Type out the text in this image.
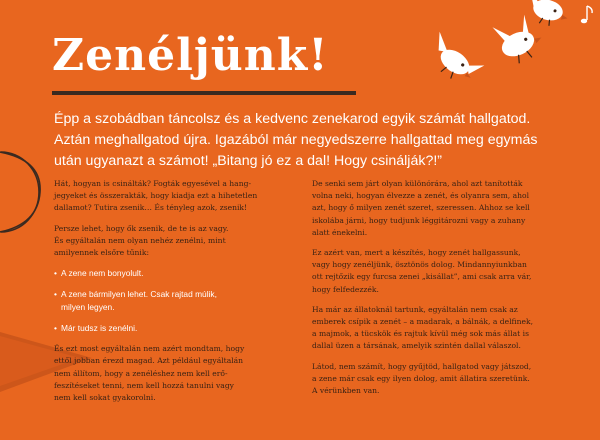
Zenéljünk!

Épp a szobádban táncolsz és a kedvenc zenekarod egyik számát hallgatod.
Aztán meghallgatod újra. Igazából már negyedszerre hallgattad meg egymás
után ugyanazt a számot! „Bitang jó ez a dal! Hogy csinálják?!”

Hát, hogyan is csinálták? Fogták egyesével a hang-
jegyeket és összerakták, hogy kiadja ezt a hihetetlen
dallamot? Tutira zsenik… És tényleg azok, zsenik!

Persze lehet, hogy ők zsenik, de te is az vagy.
És egyáltalán nem olyan nehéz zenélni, mint
amilyennek elsőre tűnik:

• A zene nem bonyolult.
• A zene bármilyen lehet. Csak rajtad múlik,
milyen legyen.
• Már tudsz is zenélni.

És ezt most egyáltalán nem azért mondtam, hogy
ettől jobban érezd magad. Azt például egyáltalán
nem állítom, hogy a zenéléshez nem kell erő-
feszítéseket tenni, nem kell hozzá tanulni vagy
nem kell sokat gyakorolni.

De senki sem járt olyan különórára, ahol azt tanították
volna neki, hogyan élvezze a zenét, és olyanra sem, ahol
azt, hogy ő milyen zenét szeret, szeressen. Ahhoz se kell
iskolába járni, hogy tudjunk léggitározni vagy a zuhany
alatt énekelni.

Ez azért van, mert a készítés, hogy zenét hallgassunk,
vagy hogy zenéljünk, ösztönös dolog. Mindannyiunkban
ott rejtőzik egy furcsa zenei „kisállat”, ami csak arra vár,
hogy felfedezzék.

Ha már az állatoknál tartunk, egyáltalán nem csak az
emberek csípik a zenét – a madarak, a bálnák, a delfinek,
a majmok, a tücskök és rajtuk kívül még sok más állat is
dallal üzen a társának, amelyik szintén dallal válaszol.

Látod, nem számít, hogy gyűjtöd, hallgatod vagy játszod,
a zene már csak egy ilyen dolog, amit állatira szeretünk.
A vérünkben van.
